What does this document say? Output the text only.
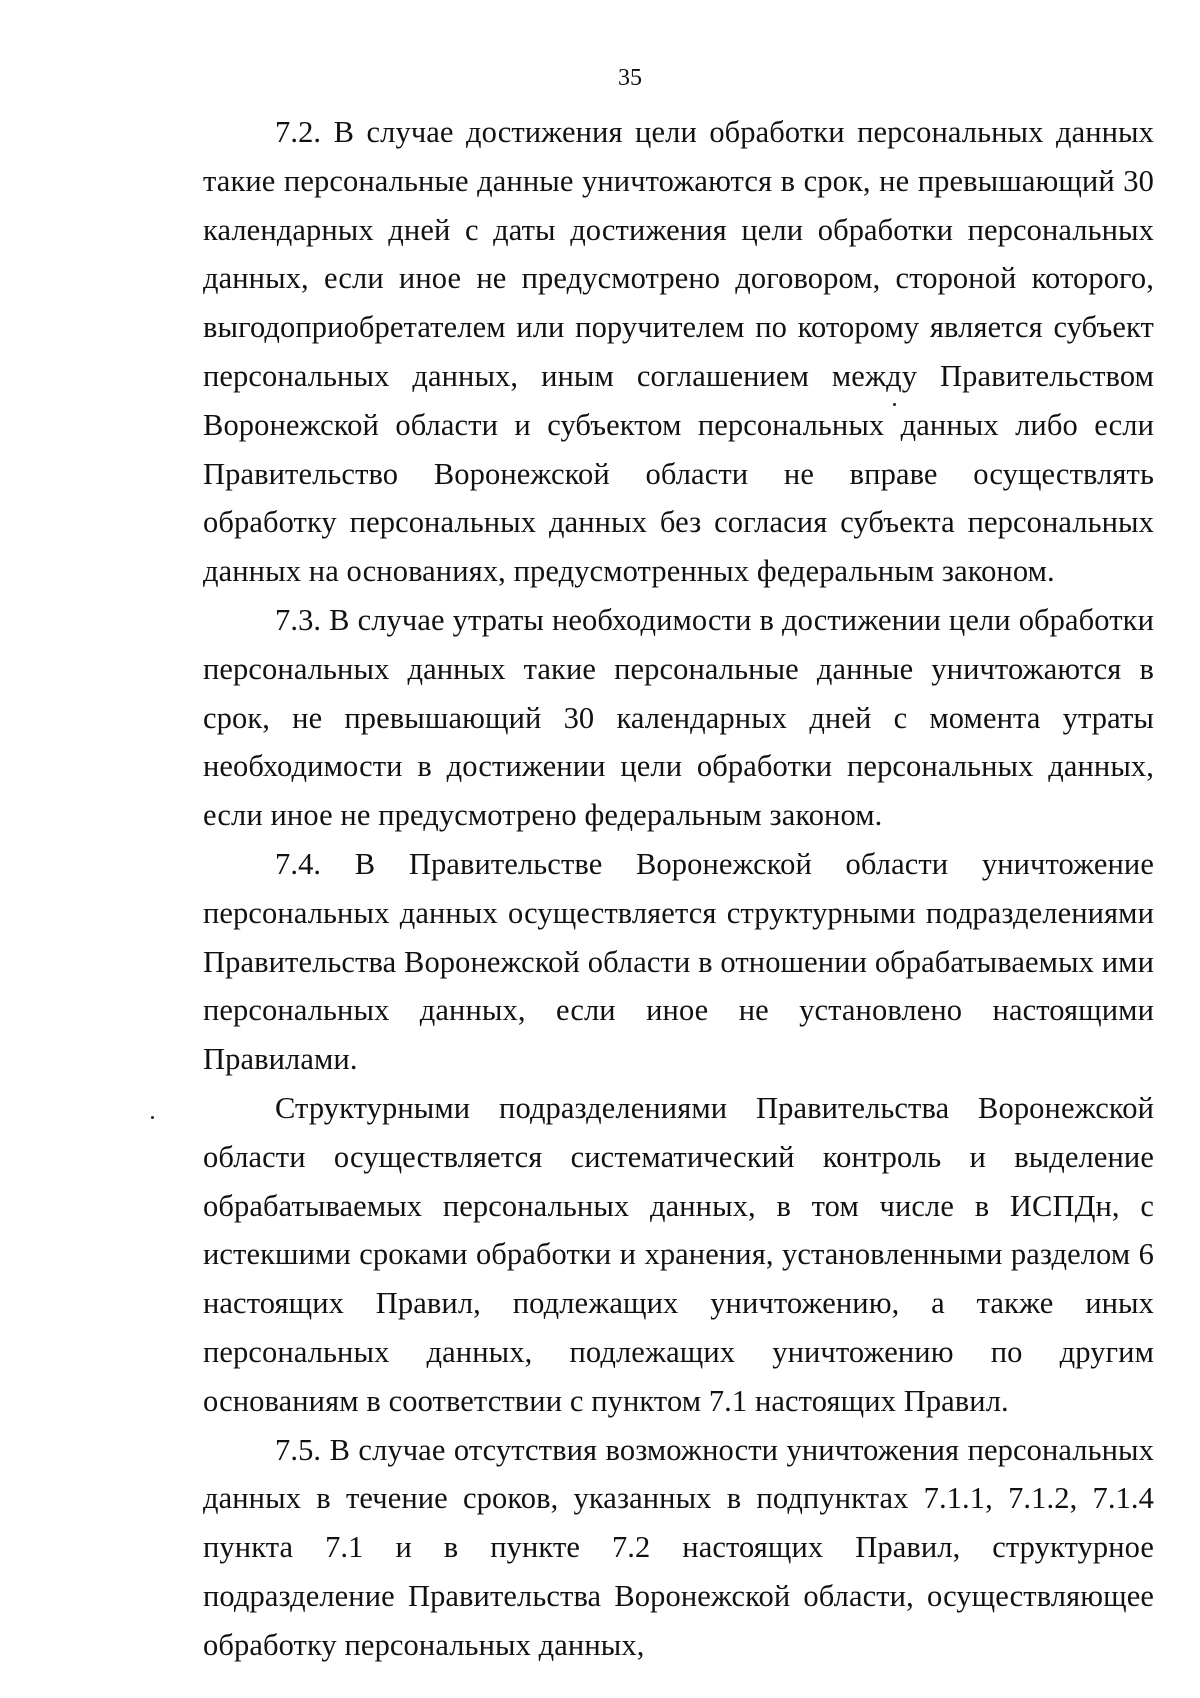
35

7.2. В случае достижения цели обработки персональных данных такие персональные данные уничтожаются в срок, не превышающий 30 календарных дней с даты достижения цели обработки персональных данных, если иное не предусмотрено договором, стороной которого, выгодоприобретателем или поручителем по которому является субъект персональных данных, иным соглашением между Правительством Воронежской области и субъектом персональных данных либо если Правительство Воронежской области не вправе осуществлять обработку персональных данных без согласия субъекта персональных данных на основаниях, предусмотренных федеральным законом.

7.3. В случае утраты необходимости в достижении цели обработки персональных данных такие персональные данные уничтожаются в срок, не превышающий 30 календарных дней с момента утраты необходимости в достижении цели обработки персональных данных, если иное не предусмотрено федеральным законом.

7.4. В Правительстве Воронежской области уничтожение персональных данных осуществляется структурными подразделениями Правительства Воронежской области в отношении обрабатываемых ими персональных данных, если иное не установлено настоящими Правилами.

Структурными подразделениями Правительства Воронежской области осуществляется систематический контроль и выделение обрабатываемых персональных данных, в том числе в ИСПДн, с истекшими сроками обработки и хранения, установленными разделом 6 настоящих Правил, подлежащих уничтожению, а также иных персональных данных, подлежащих уничтожению по другим основаниям в соответствии с пунктом 7.1 настоящих Правил.

7.5. В случае отсутствия возможности уничтожения персональных данных в течение сроков, указанных в подпунктах 7.1.1, 7.1.2, 7.1.4 пункта 7.1 и в пункте 7.2 настоящих Правил, структурное подразделение Правительства Воронежской области, осуществляющее обработку персональных данных,
